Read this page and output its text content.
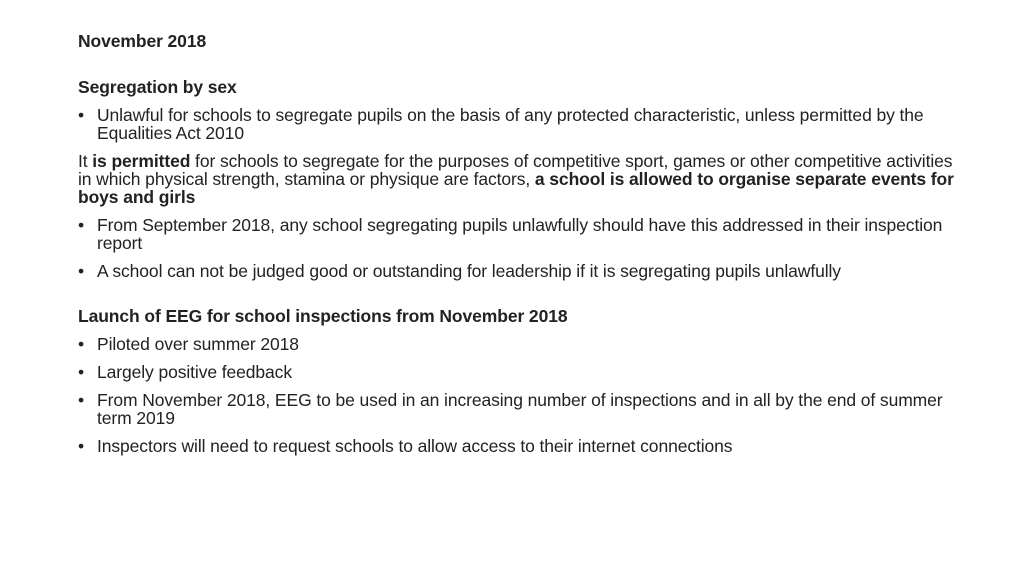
November 2018

Segregation by sex

• Unlawful for schools to segregate pupils on the basis of any protected characteristic, unless permitted by the Equalities Act 2010

It is permitted for schools to segregate for the purposes of competitive sport, games or other competitive activities in which physical strength, stamina or physique are factors, a school is allowed to organise separate events for boys and girls

• From September 2018, any school segregating pupils unlawfully should have this addressed in their inspection report
• A school can not be judged good or outstanding for leadership if it is segregating pupils unlawfully

Launch of EEG for school inspections from November 2018

• Piloted over summer 2018
• Largely positive feedback
• From November 2018, EEG to be used in an increasing number of inspections and in all by the end of summer term 2019
• Inspectors will need to request schools to allow access to their internet connections
